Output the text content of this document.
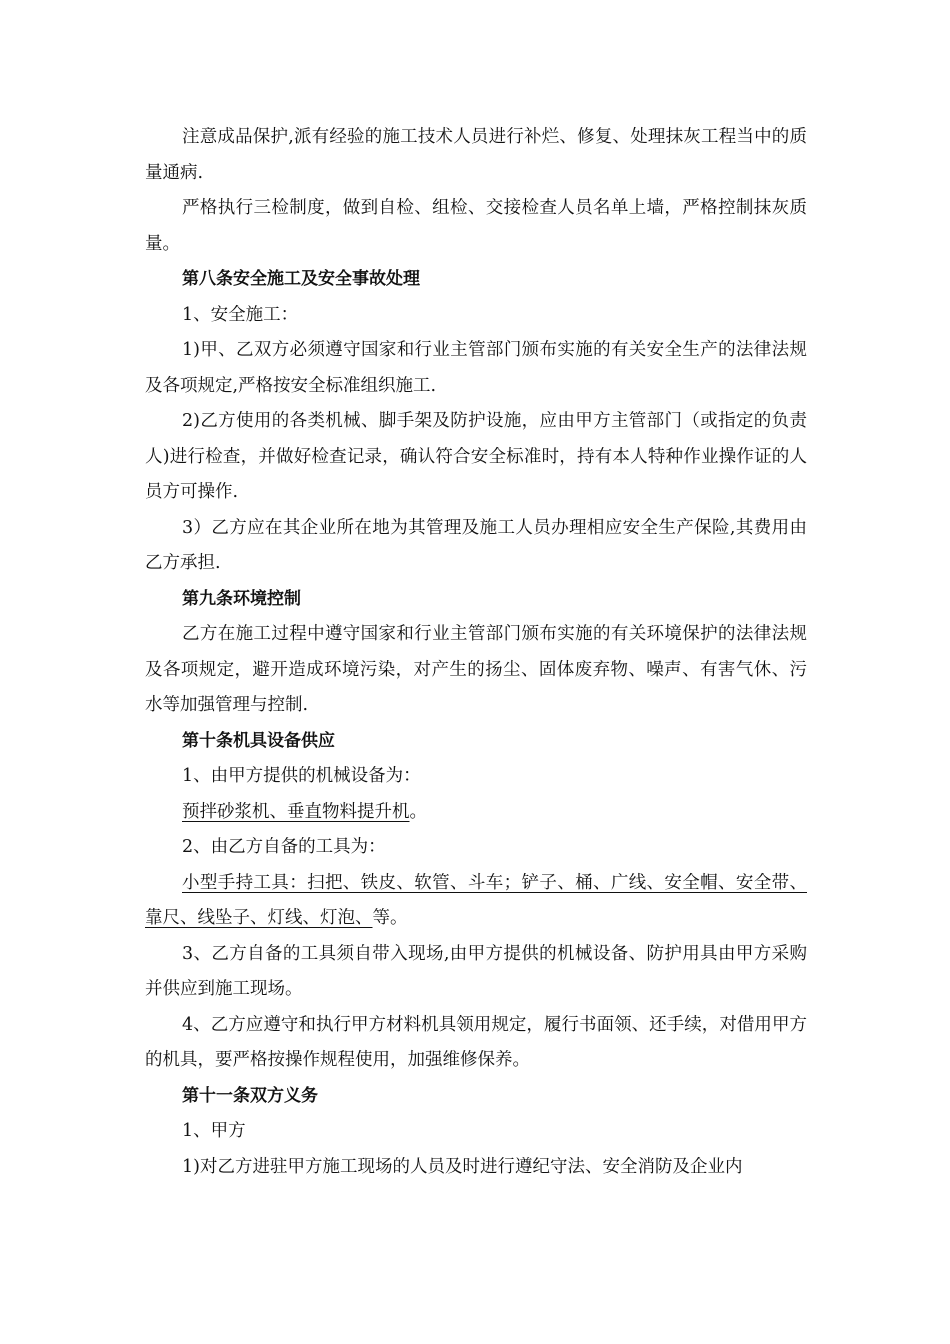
注意成品保护,派有经验的施工技术人员进行补烂、修复、处理抹灰工程当中的质量通病.

严格执行三检制度，做到自检、组检、交接检查人员名单上墙，严格控制抹灰质量。

第八条安全施工及安全事故处理

1、安全施工：

1)甲、乙双方必须遵守国家和行业主管部门颁布实施的有关安全生产的法律法规及各项规定,严格按安全标准组织施工.

2)乙方使用的各类机械、脚手架及防护设施，应由甲方主管部门（或指定的负责人)进行检查，并做好检查记录，确认符合安全标准时，持有本人特种作业操作证的人员方可操作.

3）乙方应在其企业所在地为其管理及施工人员办理相应安全生产保险,其费用由乙方承担.

第九条环境控制

乙方在施工过程中遵守国家和行业主管部门颁布实施的有关环境保护的法律法规及各项规定，避开造成环境污染，对产生的扬尘、固体废弃物、噪声、有害气休、污水等加强管理与控制.

第十条机具设备供应

1、由甲方提供的机械设备为：

预拌砂浆机、垂直物料提升机。

2、由乙方自备的工具为：

小型手持工具：扫把、铁皮、软管、斗车；铲子、桶、广线、安全帽、安全带、靠尺、线坠子、灯线、灯泡、等。

3、乙方自备的工具须自带入现场,由甲方提供的机械设备、防护用具由甲方采购并供应到施工现场。

4、乙方应遵守和执行甲方材料机具领用规定，履行书面领、还手续，对借用甲方的机具，要严格按操作规程使用，加强维修保养。

第十一条双方义务

1、甲方

1)对乙方进驻甲方施工现场的人员及时进行遵纪守法、安全消防及企业内
